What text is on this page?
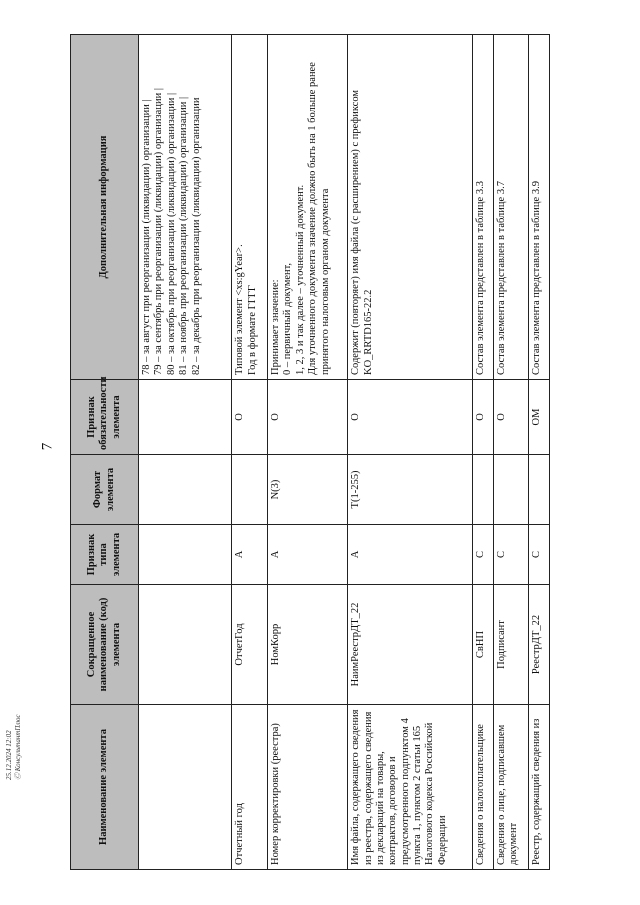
7
Наименование элемента	Сокращенное наименование (код) элемента	Признак типа элемента	Формат элемента	Признак обязательности элемента	Дополнительная информация

					78 – за август при реорганизации (ликвидации) организации | 79 – за сентябрь при реорганизации (ликвидации) организации | 80 – за октябрь при реорганизации (ликвидации) организации | 81 – за ноябрь при реорганизации (ликвидации) организации | 82 – за декабрь при реорганизации (ликвидации) организации

Отчетный год	ОтчетГод	А		О	Типовой элемент <xs:gYear>. Год в формате ГГГГ

Номер корректировки (реестра)	НомКорр	А	N(3)	О	Принимает значение: 0 – первичный документ, 1, 2, 3 и так далее – уточненный документ. Для уточненного документа значение должно быть на 1 больше ранее принятого налоговым органом документа

Имя файла, содержащего сведения из реестра, содержащего сведения из деклараций на товары, контрактов, договоров и предусмотренного подпунктом 4 пункта 1, пунктом 2 статьи 165 Налогового кодекса Российской Федерации	НаимРеестрДТ_22	А	T(1-255)	О	Содержит (повторяет) имя файла (с расширением) с префиксом KO_RRTD165-22.2

Сведения о налогоплательщике	СвНП	С		О	Состав элемента представлен в таблице 3.3

Сведения о лице, подписавшем документ	Подписант	С		О	Состав элемента представлен в таблице 3.7

Реестр, содержащий сведения из	РеестрДТ_22	С		ОМ	Состав элемента представлен в таблице 3.9
25.12.2024 12:02 Ⓒ КонсультантПлюс
